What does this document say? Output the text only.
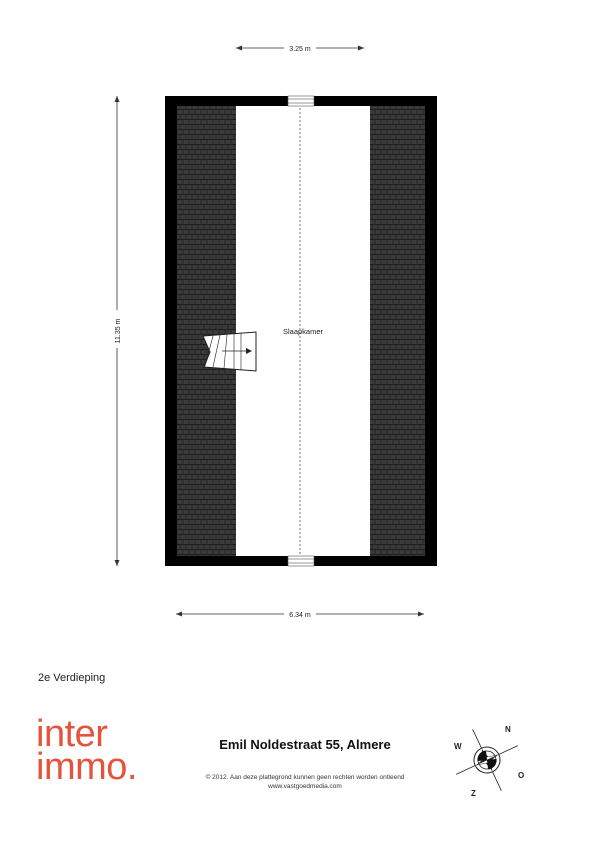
3.25 m
11.35 m
6.34 m
Slaapkamer
2e Verdieping
inter
immo.
Emil Noldestraat 55, Almere
© 2012. Aan deze plattegrond kunnen geen rechten worden ontleend
www.vastgoedmedia.com
N
O
Z
W
